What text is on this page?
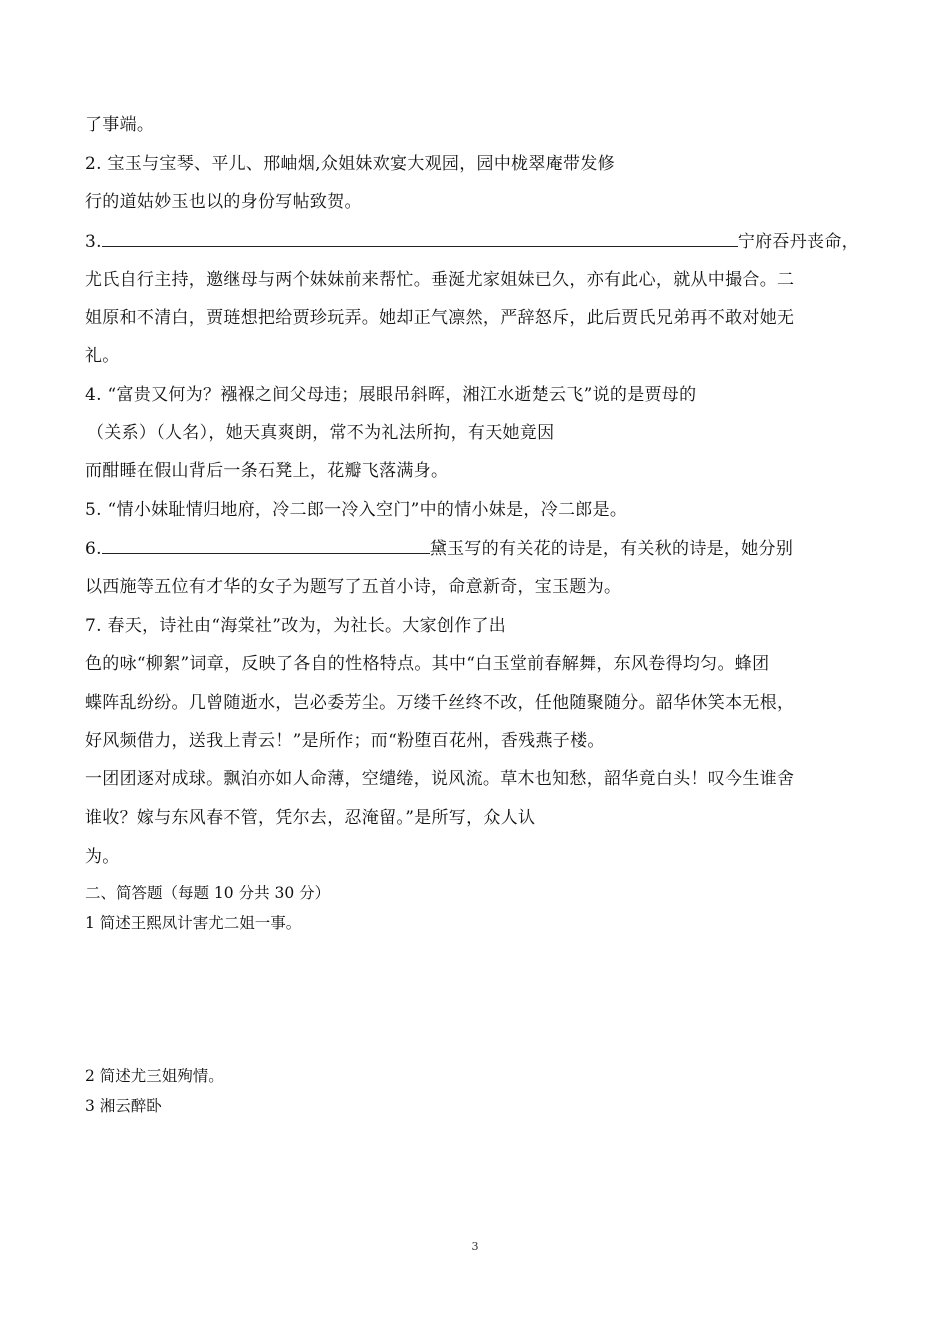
了事端。
2. 宝玉与宝琴、平儿、邢岫烟,众姐妹欢宴大观园，园中栊翠庵带发修
行的道姑妙玉也以的身份写帖致贺。
3.	宁府吞丹丧命，
尤氏自行主持，邀继母与两个妹妹前来帮忙。垂涎尤家姐妹已久，亦有此心，就从中撮合。二
姐原和不清白，贾琏想把给贾珍玩弄。她却正气凛然，严辞怒斥，此后贾氏兄弟再不敢对她无
礼。
4. “富贵又何为？襁褓之间父母违；展眼吊斜晖，湘江水逝楚云飞”说的是贾母的
（关系）（人名），她天真爽朗，常不为礼法所拘，有天她竟因
而酣睡在假山背后一条石凳上，花瓣飞落满身。
5. “情小妹耻情归地府，冷二郎一冷入空门”中的情小妹是，冷二郎是。
6.	黛玉写的有关花的诗是，有关秋的诗是，她分别
以西施等五位有才华的女子为题写了五首小诗，命意新奇，宝玉题为。
7. 春天，诗社由“海棠社”改为，为社长。大家创作了出
色的咏“柳絮”词章，反映了各自的性格特点。其中“白玉堂前春解舞，东风卷得均匀。蜂团
蝶阵乱纷纷。几曾随逝水，岂必委芳尘。万缕千丝终不改，任他随聚随分。韶华休笑本无根，
好风频借力，送我上青云！”是所作；而“粉堕百花州，香残燕子楼。
一团团逐对成球。飘泊亦如人命薄，空缱绻，说风流。草木也知愁，韶华竟白头！叹今生谁舍
谁收？嫁与东风春不管，凭尔去，忍淹留。”是所写，众人认
为。
二、简答题（每题 10 分共 30 分）
1 简述王熙凤计害尤二姐一事。
2 简述尤三姐殉情。
3 湘云醉卧
3
